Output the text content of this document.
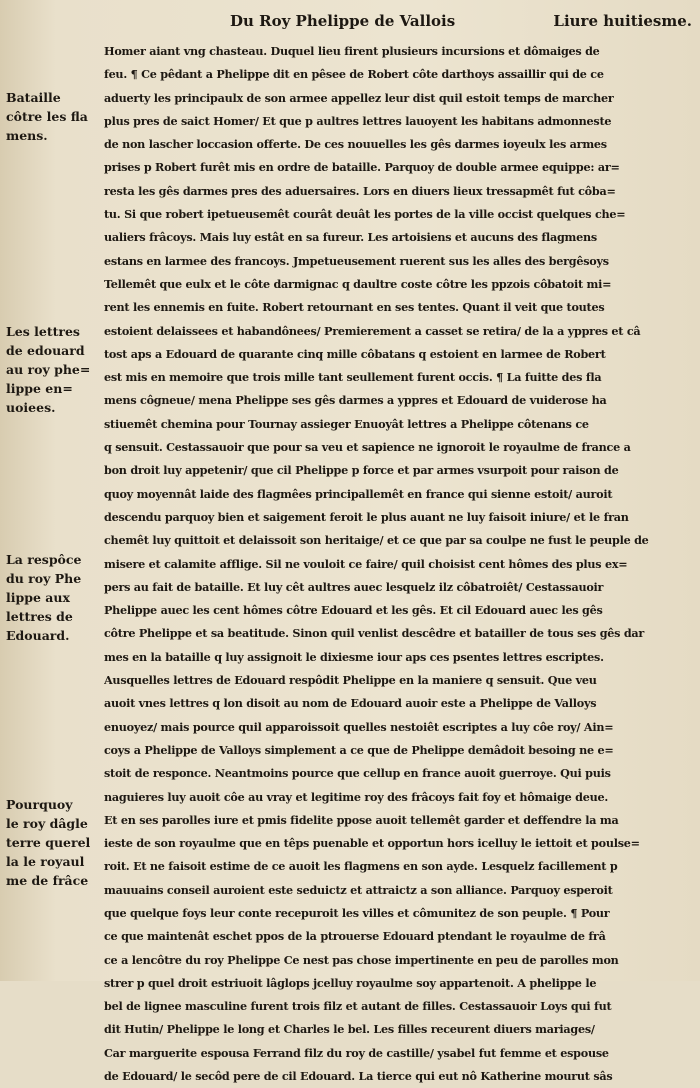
Du Roy Phelippe de Vallois	Liure huitiesme.
Bataille
côtre les fla
mens.
Les lettres
de edouard
au roy phe=
lippe en=
uoiees.
La respôce
du roy Phe
lippe aux
lettres de
Edouard.
Pourquoy
le roy dâgle
terre querel
la le royaul
me de frâce
Homer aiant vng chasteau. Duquel lieu firent plusieurs incursions et dômaiges de
feu. ¶ Ce pêdant a Phelippe dit en pêsee de Robert côte darthoys assaillir qui de ce
aduerty les principaulx de son armee appellez leur dist quil estoit temps de marcher
plus pres de saict Homer/ Et que p aultres lettres lauoyent les habitans admonneste
de non lascher loccasion offerte. De ces nouuelles les gês darmes ioyeulx les armes
prises p Robert furêt mis en ordre de bataille. Parquoy de double armee equippe: ar=
resta les gês darmes pres des aduersaires. Lors en diuers lieux tressapmêt fut côba=
tu. Si que robert ipetueusemêt courât deuât les portes de la ville occist quelques che=
ualiers frâcoys. Mais luy estât en sa fureur. Les artoisiens et aucuns des flagmens
estans en larmee des francoys. Jmpetueusement ruerent sus les alles des bergêsoys
Tellemêt que eulx et le côte darmignac q daultre coste côtre les ppzois côbatoit mi=
rent les ennemis en fuite. Robert retournant en ses tentes. Quant il veit que toutes
estoient delaissees et habandônees/ Premierement a casset se retira/ de la a yppres et câ
tost aps a Edouard de quarante cinq mille côbatans q estoient en larmee de Robert
est mis en memoire que trois mille tant seullement furent occis. ¶ La fuitte des fla
mens côgneue/ mena Phelippe ses gês darmes a yppres et Edouard de vuiderose ha
stiuemêt chemina pour Tournay assieger Enuoyât lettres a Phelippe côtenans ce
q sensuit. Cestassauoir que pour sa veu et sapience ne ignoroit le royaulme de france a
bon droit luy appetenir/ que cil Phelippe p force et par armes vsurpoit pour raison de
quoy moyennât laide des flagmêes principallemêt en france qui sienne estoit/ auroit
descendu parquoy bien et saigement feroit le plus auant ne luy faisoit iniure/ et le fran
chemêt luy quittoit et delaissoit son heritaige/ et ce que par sa coulpe ne fust le peuple de
misere et calamite afflige. Sil ne vouloit ce faire/ quil choisist cent hômes des plus ex=
pers au fait de bataille. Et luy cêt aultres auec lesquelz ilz côbatroiêt/ Cestassauoir
Phelippe auec les cent hômes côtre Edouard et les gês. Et cil Edouard auec les gês
côtre Phelippe et sa beatitude. Sinon quil venlist descêdre et batailler de tous ses gês dar
mes en la bataille q luy assignoit le dixiesme iour aps ces psentes lettres escriptes.
Ausquelles lettres de Edouard respôdit Phelippe en la maniere q sensuit. Que veu
auoit vnes lettres q lon disoit au nom de Edouard auoir este a Phelippe de Valloys
enuoyez/ mais pource quil apparoissoit quelles nestoiêt escriptes a luy côe roy/ Ain=
coys a Phelippe de Valloys simplement a ce que de Phelippe demâdoit besoing ne e=
stoit de responce. Neantmoins pource que cellup en france auoit guerroye. Qui puis
naguieres luy auoit côe au vray et legitime roy des frâcoys fait foy et hômaige deue.
Et en ses parolles iure et pmis fidelite ppose auoit tellemêt garder et deffendre la ma
ieste de son royaulme que en têps puenable et opportun hors icelluy le iettoit et poulse=
roit. Et ne faisoit estime de ce auoit les flagmens en son ayde. Lesquelz facillement p
mauuains conseil auroient este seduictz et attraictz a son alliance. Parquoy esperoit
que quelque foys leur conte recepuroit les villes et cômunitez de son peuple. ¶ Pour
ce que maintenât eschet ppos de la ptrouerse Edouard ptendant le royaulme de frâ
ce a lencôtre du roy Phelippe Ce nest pas chose impertinente en peu de parolles mon
strer p quel droit estriuoit lâglops jcelluy royaulme soy appartenoit. A phelippe le
bel de lignee masculine furent trois filz et autant de filles. Cestassauoir Loys qui fut
dit Hutin/ Phelippe le long et Charles le bel. Les filles receurent diuers mariages/
Car marguerite espousa Ferrand filz du roy de castille/ ysabel fut femme et espouse
de Edouard/ le secôd pere de cil Edouard. La tierce qui eut nô Katherine mourut sâs
